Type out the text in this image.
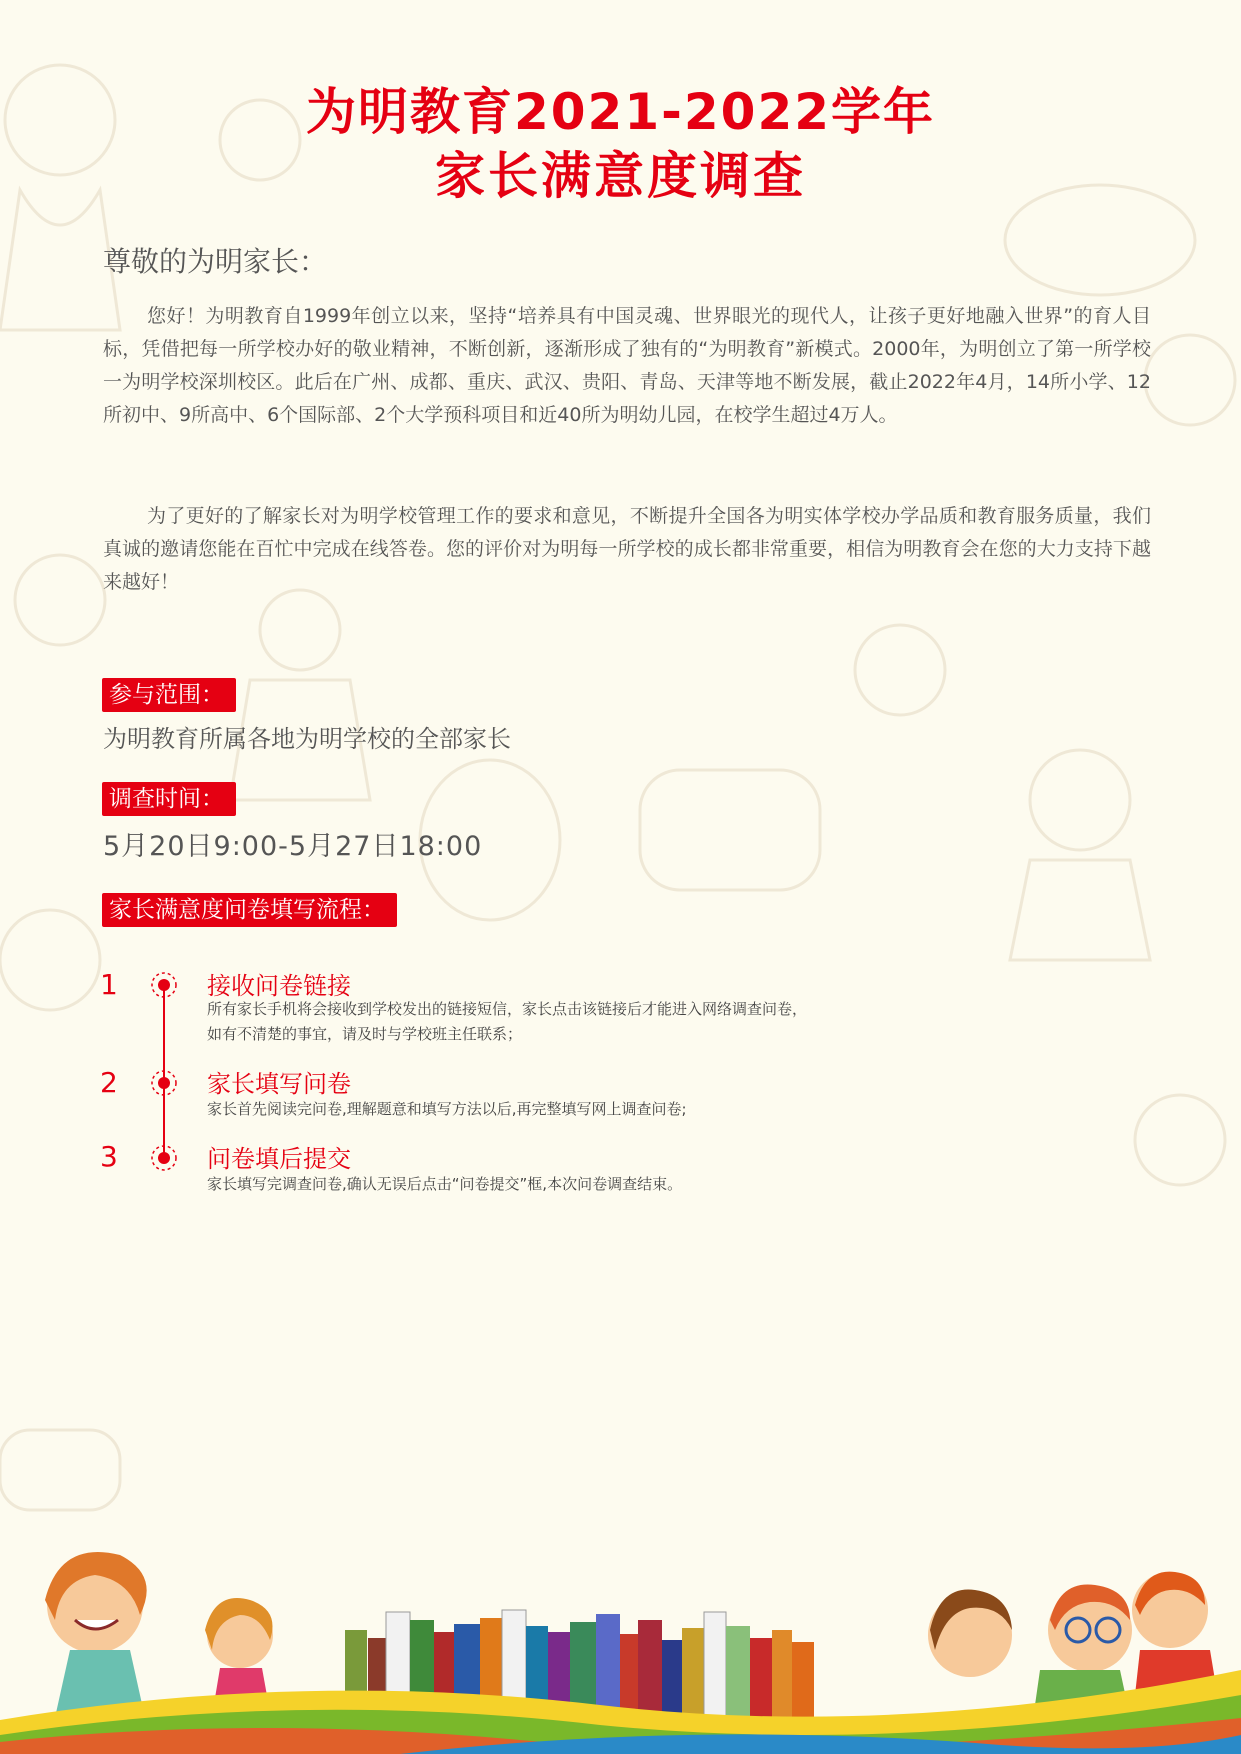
为明教育2021-2022学年
家长满意度调查

尊敬的为明家长：

您好！为明教育自1999年创立以来，坚持“培养具有中国灵魂、世界眼光的现代人，让孩子更好地融入世界”的育人目标，凭借把每一所学校办好的敬业精神，不断创新，逐渐形成了独有的“为明教育”新模式。2000年，为明创立了第一所学校一为明学校深圳校区。此后在广州、成都、重庆、武汉、贵阳、青岛、天津等地不断发展，截止2022年4月，14所小学、12所初中、9所高中、6个国际部、2个大学预科项目和近40所为明幼儿园，在校学生超过4万人。

为了更好的了解家长对为明学校管理工作的要求和意见，不断提升全国各为明实体学校办学品质和教育服务质量，我们真诚的邀请您能在百忙中完成在线答卷。您的评价对为明每一所学校的成长都非常重要，相信为明教育会在您的大力支持下越来越好！

参与范围：

为明教育所属各地为明学校的全部家长

调查时间：

5月20日9:00-5月27日18:00

家长满意度问卷填写流程：
1	接收问卷链接

所有家长手机将会接收到学校发出的链接短信，家长点击该链接后才能进入网络调查问卷，

如有不清楚的事宜，请及时与学校班主任联系；

2	家长填写问卷

家长首先阅读完问卷,理解题意和填写方法以后,再完整填写网上调查问卷;

3	问卷填后提交

家长填写完调查问卷,确认无误后点击“问卷提交”框,本次问卷调查结束。
